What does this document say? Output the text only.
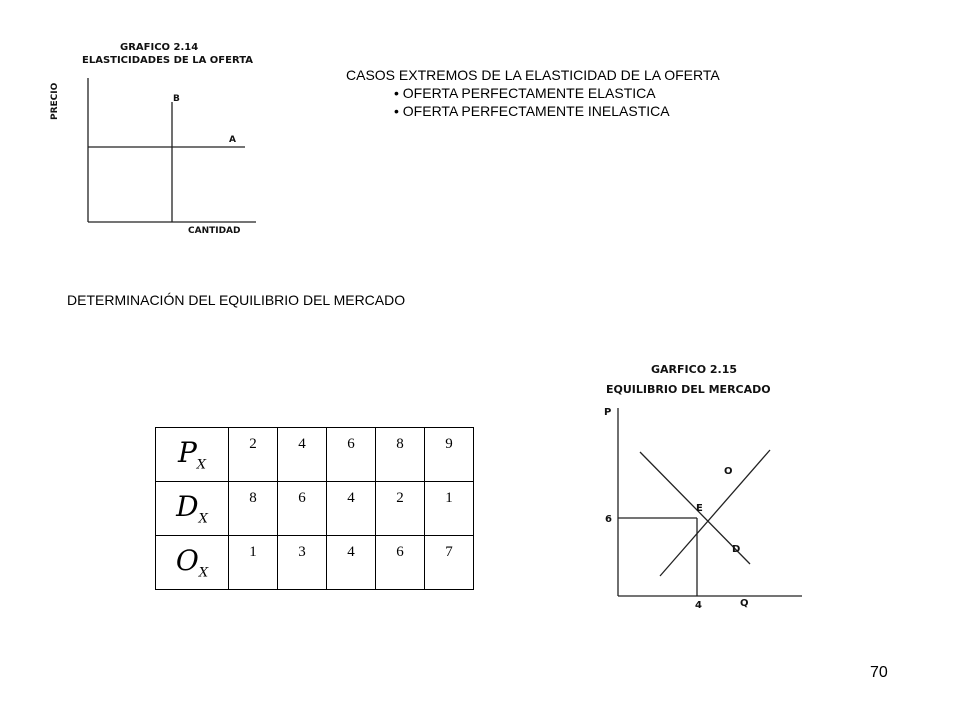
GRAFICO 2.14
ELASTICIDADES DE LA OFERTA
PRECIO
CANTIDAD
B
A
CASOS EXTREMOS DE LA ELASTICIDAD DE LA OFERTA
• OFERTA PERFECTAMENTE ELASTICA
• OFERTA PERFECTAMENTE INELASTICA
DETERMINACIÓN DEL EQUILIBRIO DEL MERCADO
$P_X$	2	4	6	8	9
$D_X$	8	6	4	2	1
$O_X$	1	3	4	6	7
GARFICO 2.15
EQUILIBRIO DEL MERCADO
P
Q
O
D
E
6
4
70
